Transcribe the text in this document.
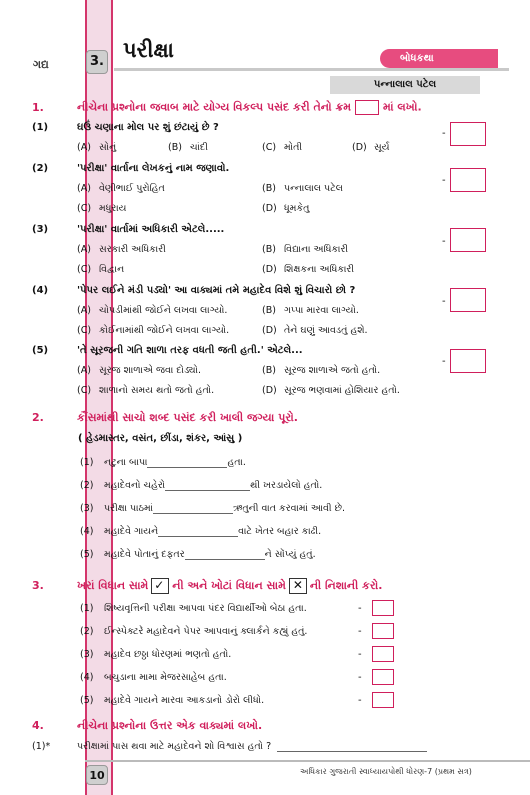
ગદ્ય	3. પરીક્ષા	બોધકથા
પન્નાલાલ પટેલ
1.	નીચેના પ્રશ્નોના જવાબ માટે યોગ્ય વિકલ્પ પસંદ કરી તેનો ક્રમ	માં લખો.
(1)	ઘઉં ચણાના મોલ પર શું છંટાયું છે ?
(A) સોનું	(B) ચાંદી	(C) મોતી	(D) સૂર્ય
-
(2)	'પરીક્ષા' વાર્તાના લેખકનું નામ જણાવો.
(A) વેણીભાઈ પુરોહિત	(B) પન્નાલાલ પટેલ
(C) મધુરાય	(D) ધૂમકેતુ
-
(3)	'પરીક્ષા' વાર્તામાં અધિકારી એટલે.....
(A) સરકારી અધિકારી	(B) વિદ્યાના અધિકારી
(C) વિદ્વાન	(D) શિક્ષકના અધિકારી
-
(4)	'પેપર લઈને મંડી પડ્યો' આ વાક્યમાં તમે મહાદેવ વિશે શું વિચારો છો ?
(A) ચોપડીમાંથી જોઈને લખવા લાગ્યો.	(B) ગપ્પા મારવા લાગ્યો.
(C) કોઈનામાંથી જોઈને લખવા લાગ્યો.	(D) તેને ઘણું આવડતું હશે.
-
(5)	'તે સૂરજની ગતિ શાળા તરફ વધતી જતી હતી.' એટલે...
(A) સૂરજ શાળાએ જવા દોડ્યો.	(B) સૂરજ શાળાએ જતો હતો.
(C) શાળાનો સમય થતો જતો હતો.	(D) સૂરજ ભણવામાં હોશિયાર હતો.
-
2.	કૌંસમાંથી સાચો શબ્દ પસંદ કરી ખાલી જગ્યા પૂરો.
( હેડમાસ્તર, વસંત, છીંડા, શંકર, આંસુ )
(1) નટુના બાપા	હતા.
(2) મહાદેવનો ચહેરો	થી ખરડાયેલો હતો.
(3) પરીક્ષા પાઠમાં	ઋતુની વાત કરવામાં આવી છે.
(4) મહાદેવે ગાયને	વાટે ખેતર બહાર કાઢી.
(5) મહાદેવે પોતાનું દફતર	ને સોંપ્યું હતું.
3.	ખરાં વિધાન સામે ✓ ની અને ખોટાં વિધાન સામે ✕ ની નિશાની કરો.
(1) શિષ્યવૃત્તિની પરીક્ષા આપવા પંદર વિદ્યાર્થીઓ બેઠા હતા.	-
(2) ઈન્સ્પેક્ટરે મહાદેવને પેપર આપવાનું ક્લાર્કને કહ્યું હતું.	-
(3) મહાદેવ છઠ્ઠા ધોરણમાં ભણતો હતો.	-
(4) બચુડાના મામા મેજરસાહેબ હતા.	-
(5) મહાદેવે ગાયને મારવા આકડાનો ડોરો લીધો.	-
4.	નીચેના પ્રશ્નોના ઉત્તર એક વાક્યમાં લખો.
(1)*	પરીક્ષામાં પાસ થવા માટે મહાદેવને શો વિશ્વાસ હતો ?
10	અધિકાર ગુજરાતી સ્વાધ્યાયપોથી ધોરણ-7 (પ્રથમ સત્ર)
